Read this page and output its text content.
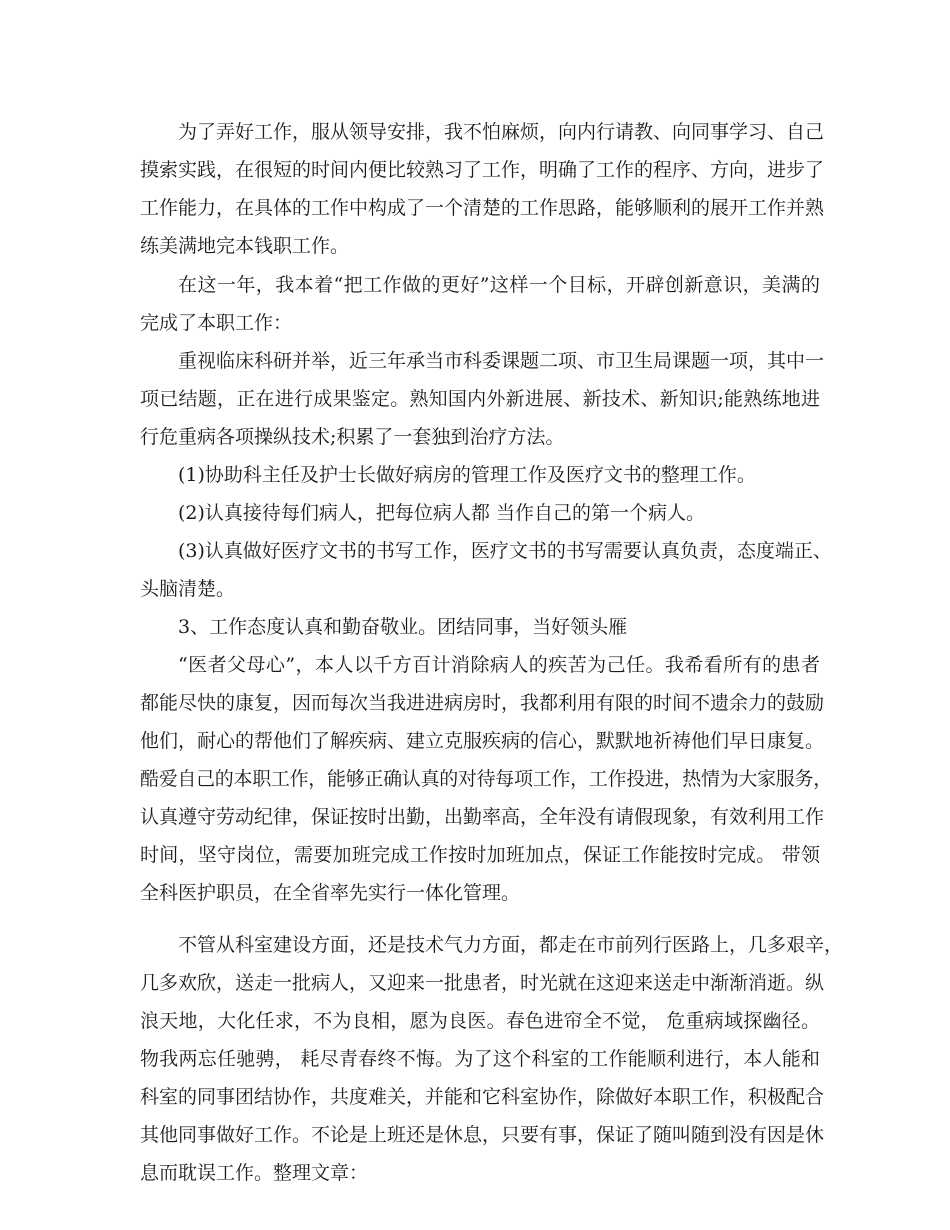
为了弄好工作，服从领导安排，我不怕麻烦，向内行请教、向同事学习、自己
摸索实践，在很短的时间内便比较熟习了工作，明确了工作的程序、方向，进步了
工作能力，在具体的工作中构成了一个清楚的工作思路，能够顺利的展开工作并熟
练美满地完本钱职工作。
在这一年，我本着“把工作做的更好”这样一个目标，开辟创新意识，美满的
完成了本职工作：
重视临床科研并举，近三年承当市科委课题二项、市卫生局课题一项，其中一
项已结题，正在进行成果鉴定。熟知国内外新进展、新技术、新知识;能熟练地进
行危重病各项操纵技术;积累了一套独到治疗方法。
(1)协助科主任及护士长做好病房的管理工作及医疗文书的整理工作。
(2)认真接待每们病人，把每位病人都 当作自己的第一个病人。
(3)认真做好医疗文书的书写工作，医疗文书的书写需要认真负责，态度端正、
头脑清楚。
3、工作态度认真和勤奋敬业。团结同事，当好领头雁
“医者父母心”，本人以千方百计消除病人的疾苦为己任。我希看所有的患者
都能尽快的康复，因而每次当我进进病房时，我都利用有限的时间不遗余力的鼓励
他们，耐心的帮他们了解疾病、建立克服疾病的信心，默默地祈祷他们早日康复。
酷爱自己的本职工作，能够正确认真的对待每项工作，工作投进，热情为大家服务，
认真遵守劳动纪律，保证按时出勤，出勤率高，全年没有请假现象，有效利用工作
时间，坚守岗位，需要加班完成工作按时加班加点，保证工作能按时完成。 带领
全科医护职员，在全省率先实行一体化管理。
不管从科室建设方面，还是技术气力方面，都走在市前列行医路上，几多艰辛，
几多欢欣，送走一批病人，又迎来一批患者，时光就在这迎来送走中渐渐消逝。纵
浪天地，大化任求，不为良相，愿为良医。春色进帘全不觉， 危重病域探幽径。
物我两忘任驰骋， 耗尽青春终不悔。为了这个科室的工作能顺利进行，本人能和
科室的同事团结协作，共度难关，并能和它科室协作，除做好本职工作，积极配合
其他同事做好工作。不论是上班还是休息，只要有事，保证了随叫随到没有因是休
息而耽误工作。整理文章：
